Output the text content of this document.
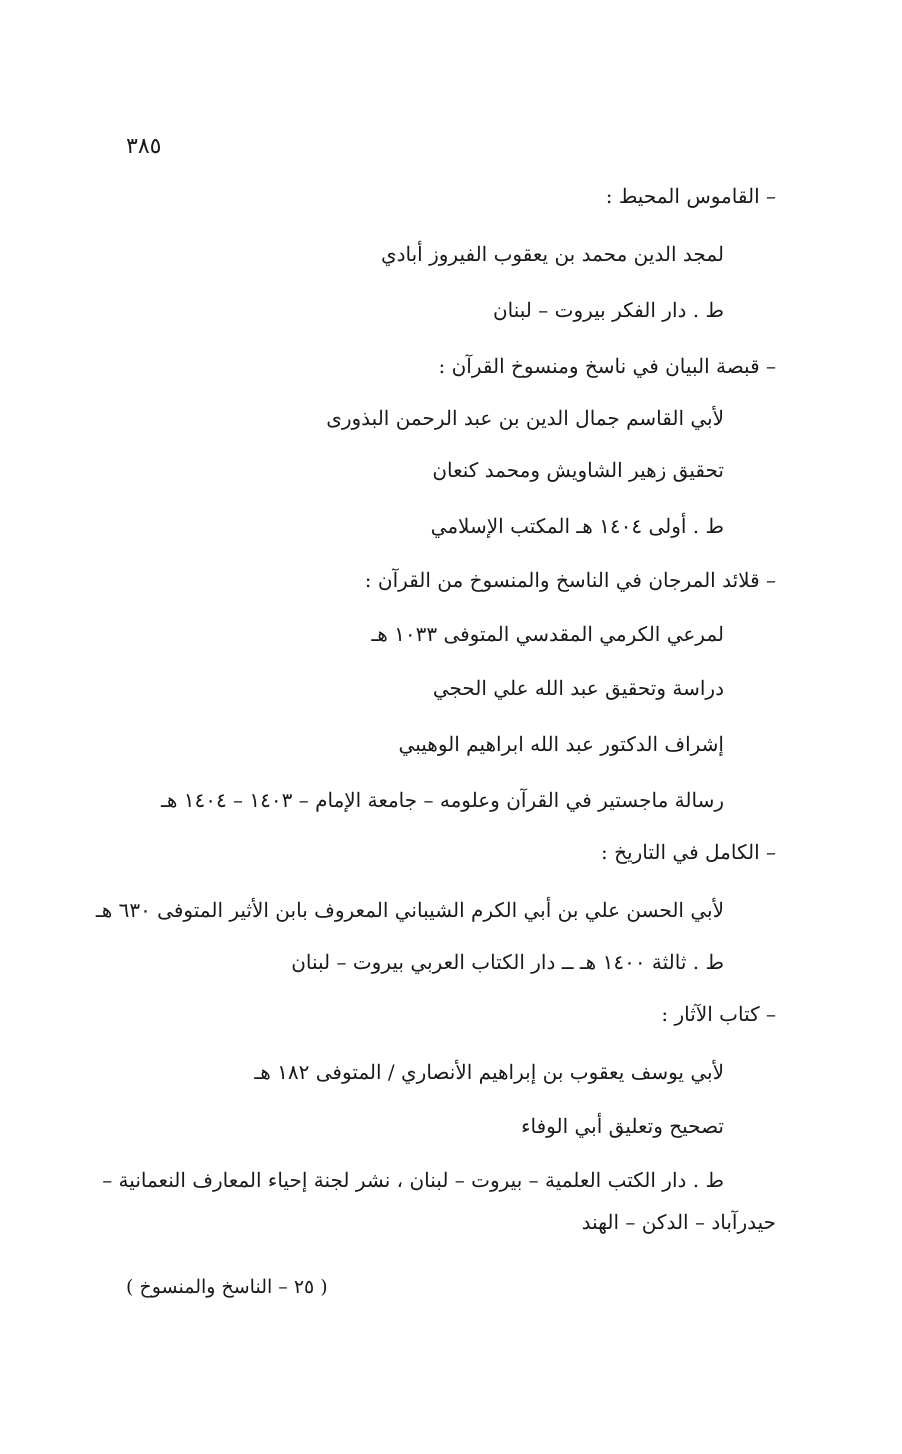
٣٨٥
– القاموس المحيط :
لمجد الدين محمد بن يعقوب الفيروز أبادي
ط . دار الفكر بيروت – لبنان
– قبصة البيان في ناسخ ومنسوخ القرآن :
لأبي القاسم جمال الدين بن عبد الرحمن البذورى
تحقيق زهير الشاويش ومحمد كنعان
ط . أولى ١٤٠٤ هـ المكتب الإسلامي
– قلائد المرجان في الناسخ والمنسوخ من القرآن :
لمرعي الكرمي المقدسي المتوفى ١٠٣٣ هـ
دراسة وتحقيق عبد الله علي الحجي
إشراف الدكتور عبد الله ابراهيم الوهيبي
رسالة ماجستير في القرآن وعلومه – جامعة الإمام – ١٤٠٣ – ١٤٠٤ هـ
– الكامل في التاريخ :
لأبي الحسن علي بن أبي الكرم الشيباني المعروف بابن الأثير المتوفى ٦٣٠ هـ
ط . ثالثة ١٤٠٠ هـ ــ دار الكتاب العربي بيروت – لبنان
– كتاب الآثار :
لأبي يوسف يعقوب بن إبراهيم الأنصاري / المتوفى ١٨٢ هـ
تصحيح وتعليق أبي الوفاء
ط . دار الكتب العلمية – بيروت – لبنان ، نشر لجنة إحياء المعارف النعمانية –
حيدرآباد – الدكن – الهند
( ٢٥ – الناسخ والمنسوخ )
